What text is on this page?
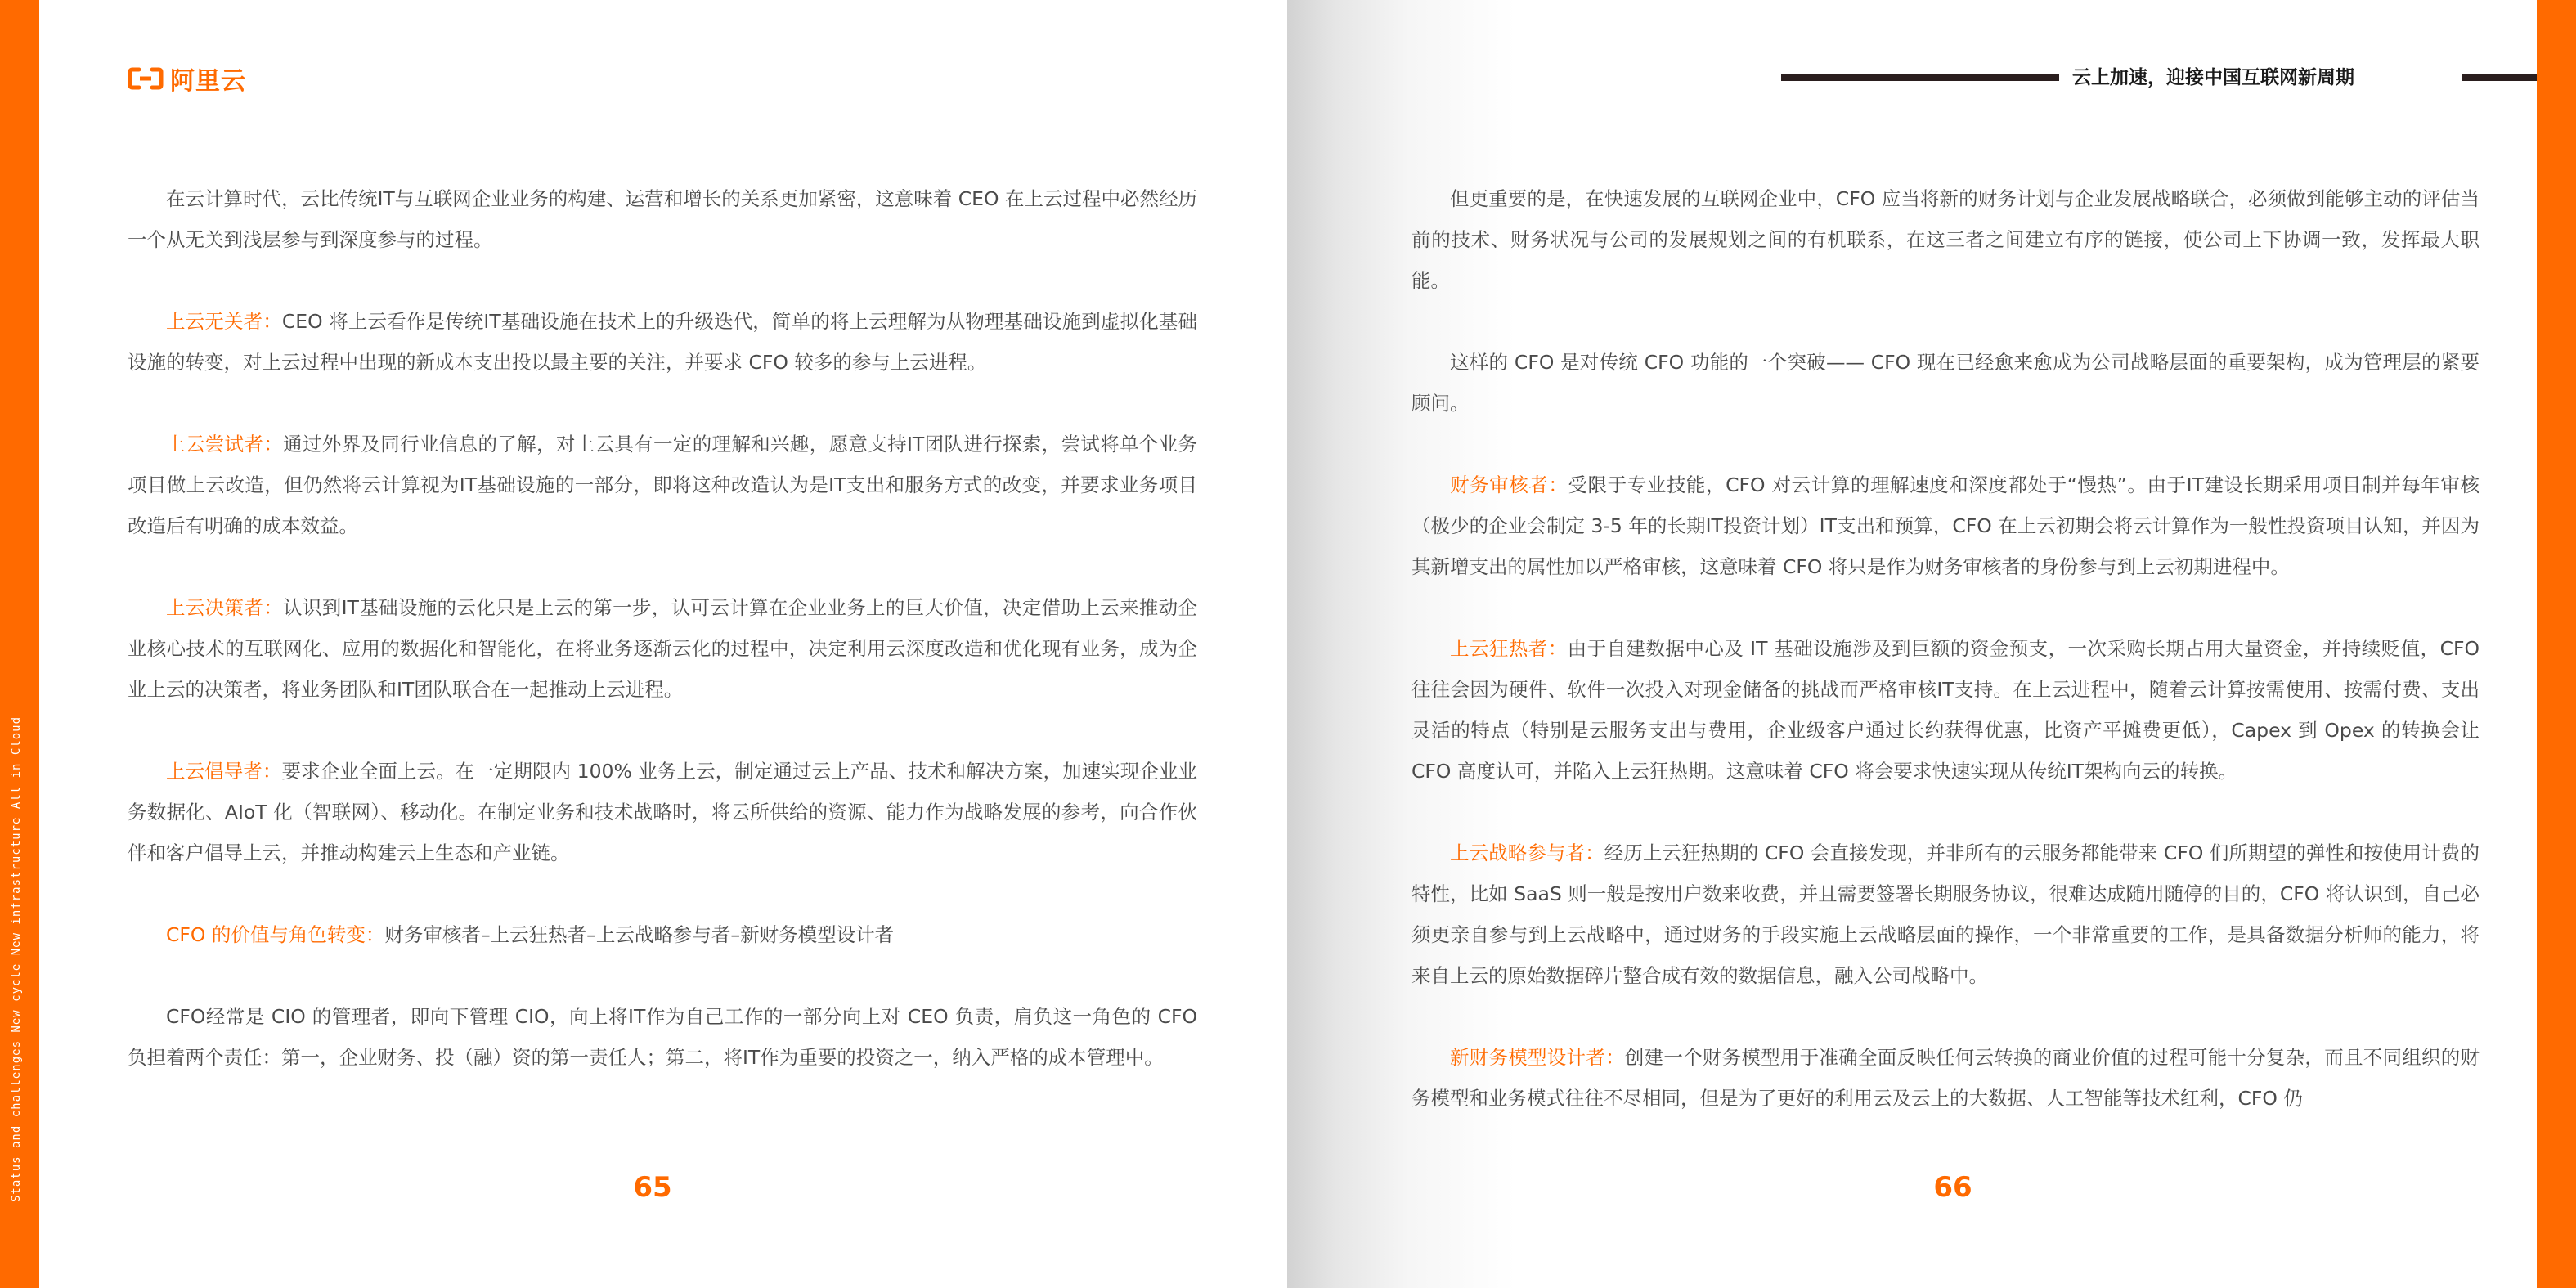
Status and challenges New cycle New infrastructure All in Cloud
阿里云

在云计算时代，云比传统IT与互联网企业业务的构建、运营和增长的关系更加紧密，这意味着 CEO 在上云过程中必然经历一个从无关到浅层参与到深度参与的过程。

上云无关者：CEO 将上云看作是传统IT基础设施在技术上的升级迭代，简单的将上云理解为从物理基础设施到虚拟化基础设施的转变，对上云过程中出现的新成本支出投以最主要的关注，并要求 CFO 较多的参与上云进程。

上云尝试者：通过外界及同行业信息的了解，对上云具有一定的理解和兴趣，愿意支持IT团队进行探索，尝试将单个业务项目做上云改造，但仍然将云计算视为IT基础设施的一部分，即将这种改造认为是IT支出和服务方式的改变，并要求业务项目改造后有明确的成本效益。

上云决策者：认识到IT基础设施的云化只是上云的第一步，认可云计算在企业业务上的巨大价值，决定借助上云来推动企业核心技术的互联网化、应用的数据化和智能化，在将业务逐渐云化的过程中，决定利用云深度改造和优化现有业务，成为企业上云的决策者，将业务团队和IT团队联合在一起推动上云进程。

上云倡导者：要求企业全面上云。在一定期限内 100% 业务上云，制定通过云上产品、技术和解决方案，加速实现企业业务数据化、AIoT 化（智联网）、移动化。在制定业务和技术战略时，将云所供给的资源、能力作为战略发展的参考，向合作伙伴和客户倡导上云，并推动构建云上生态和产业链。

CFO 的价值与角色转变：财务审核者–上云狂热者–上云战略参与者–新财务模型设计者

CFO经常是 CIO 的管理者，即向下管理 CIO，向上将IT作为自己工作的一部分向上对 CEO 负责，肩负这一角色的 CFO 负担着两个责任：第一，企业财务、投（融）资的第一责任人；第二，将IT作为重要的投资之一，纳入严格的成本管理中。

65
云上加速，迎接中国互联网新周期

但更重要的是，在快速发展的互联网企业中，CFO 应当将新的财务计划与企业发展战略联合，必须做到能够主动的评估当前的技术、财务状况与公司的发展规划之间的有机联系，在这三者之间建立有序的链接，使公司上下协调一致，发挥最大职能。

这样的 CFO 是对传统 CFO 功能的一个突破—— CFO 现在已经愈来愈成为公司战略层面的重要架构，成为管理层的紧要顾问。

财务审核者：受限于专业技能，CFO 对云计算的理解速度和深度都处于“慢热”。由于IT建设长期采用项目制并每年审核（极少的企业会制定 3-5 年的长期IT投资计划）IT支出和预算，CFO 在上云初期会将云计算作为一般性投资项目认知，并因为其新增支出的属性加以严格审核，这意味着 CFO 将只是作为财务审核者的身份参与到上云初期进程中。

上云狂热者：由于自建数据中心及 IT 基础设施涉及到巨额的资金预支，一次采购长期占用大量资金，并持续贬值，CFO 往往会因为硬件、软件一次投入对现金储备的挑战而严格审核IT支持。在上云进程中，随着云计算按需使用、按需付费、支出灵活的特点（特别是云服务支出与费用，企业级客户通过长约获得优惠，比资产平摊费更低），Capex 到 Opex 的转换会让 CFO 高度认可，并陷入上云狂热期。这意味着 CFO 将会要求快速实现从传统IT架构向云的转换。

上云战略参与者：经历上云狂热期的 CFO 会直接发现，并非所有的云服务都能带来 CFO 们所期望的弹性和按使用计费的特性，比如 SaaS 则一般是按用户数来收费，并且需要签署长期服务协议，很难达成随用随停的目的，CFO 将认识到，自己必须更亲自参与到上云战略中，通过财务的手段实施上云战略层面的操作，一个非常重要的工作，是具备数据分析师的能力，将来自上云的原始数据碎片整合成有效的数据信息，融入公司战略中。

新财务模型设计者：创建一个财务模型用于准确全面反映任何云转换的商业价值的过程可能十分复杂，而且不同组织的财务模型和业务模式往往不尽相同，但是为了更好的利用云及云上的大数据、人工智能等技术红利，CFO 仍

66
